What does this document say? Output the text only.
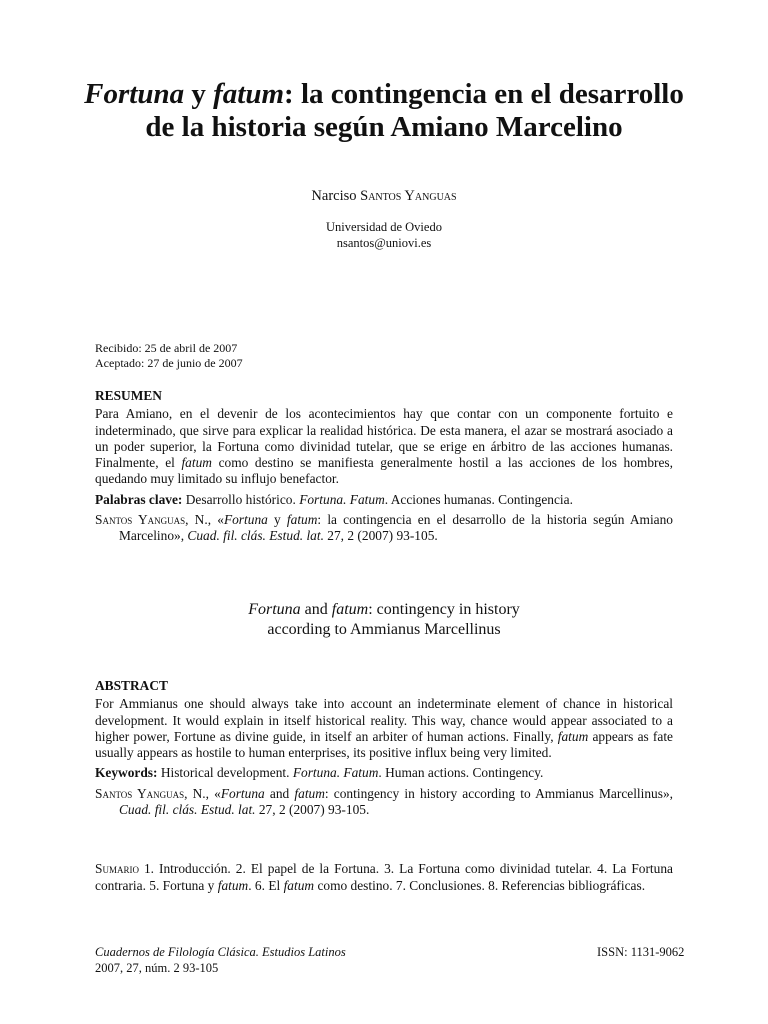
Fortuna y fatum: la contingencia en el desarrollo
de la historia según Amiano Marcelino
Narciso Santos Yanguas
Universidad de Oviedo
nsantos@uniovi.es
Recibido: 25 de abril de 2007
Aceptado: 27 de junio de 2007
RESUMEN

Para Amiano, en el devenir de los acontecimientos hay que contar con un componente fortuito e indeterminado, que sirve para explicar la realidad histórica. De esta manera, el azar se mostrará asociado a un poder superior, la Fortuna como divinidad tutelar, que se erige en árbitro de las acciones humanas. Finalmente, el fatum como destino se manifiesta generalmente hostil a las acciones de los hombres, quedando muy limitado su influjo benefactor.

Palabras clave: Desarrollo histórico. Fortuna. Fatum. Acciones humanas. Contingencia.

Santos Yanguas, N., «Fortuna y fatum: la contingencia en el desarrollo de la historia según Amiano Marcelino», Cuad. fil. clás. Estud. lat. 27, 2 (2007) 93-105.

Fortuna and fatum: contingency in history
according to Ammianus Marcellinus
ABSTRACT

For Ammianus one should always take into account an indeterminate element of chance in historical development. It would explain in itself historical reality. This way, chance would appear associated to a higher power, Fortune as divine guide, in itself an arbiter of human actions. Finally, fatum appears as fate usually appears as hostile to human enterprises, its positive influx being very limited.

Keywords: Historical development. Fortuna. Fatum. Human actions. Contingency.

Santos Yanguas, N., «Fortuna and fatum: contingency in history according to Ammianus Marcellinus», Cuad. fil. clás. Estud. lat. 27, 2 (2007) 93-105.

Sumario 1. Introducción. 2. El papel de la Fortuna. 3. La Fortuna como divinidad tutelar. 4. La Fortuna contraria. 5. Fortuna y fatum. 6. El fatum como destino. 7. Conclusiones. 8. Referencias bibliográficas.
Cuadernos de Filología Clásica. Estudios Latinos
2007, 27, núm. 2 93-105
ISSN: 1131-9062
